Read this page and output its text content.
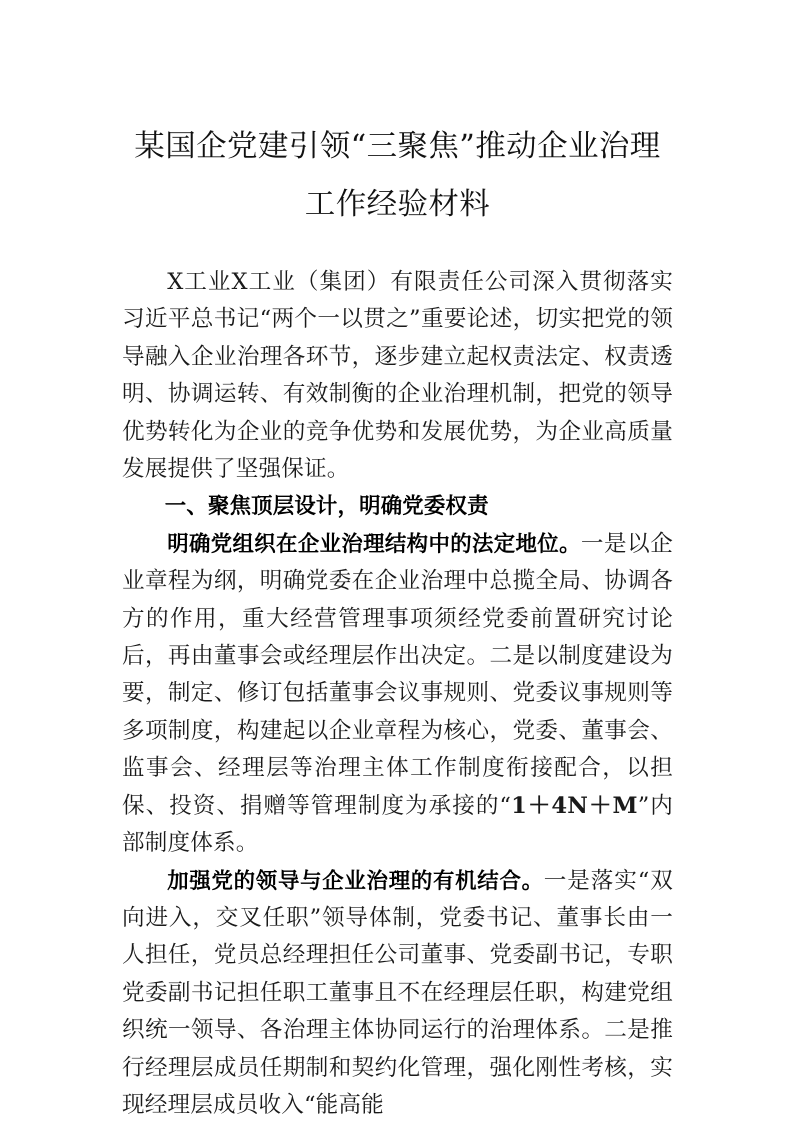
某国企党建引领“三聚焦”推动企业治理工作经验材料

X工业X工业（集团）有限责任公司深入贯彻落实习近平总书记“两个一以贯之”重要论述，切实把党的领导融入企业治理各环节，逐步建立起权责法定、权责透明、协调运转、有效制衡的企业治理机制，把党的领导优势转化为企业的竞争优势和发展优势，为企业高质量发展提供了坚强保证。

一、聚焦顶层设计，明确党委权责

明确党组织在企业治理结构中的法定地位。一是以企业章程为纲，明确党委在企业治理中总揽全局、协调各方的作用，重大经营管理事项须经党委前置研究讨论后，再由董事会或经理层作出决定。二是以制度建设为要，制定、修订包括董事会议事规则、党委议事规则等多项制度，构建起以企业章程为核心，党委、董事会、监事会、经理层等治理主体工作制度衔接配合，以担保、投资、捐赠等管理制度为承接的“1＋4N＋M”内部制度体系。

加强党的领导与企业治理的有机结合。一是落实“双向进入，交叉任职”领导体制，党委书记、董事长由一人担任，党员总经理担任公司董事、党委副书记，专职党委副书记担任职工董事且不在经理层任职，构建党组织统一领导、各治理主体协同运行的治理体系。二是推行经理层成员任期制和契约化管理，强化刚性考核，实现经理层成员收入“能高能
